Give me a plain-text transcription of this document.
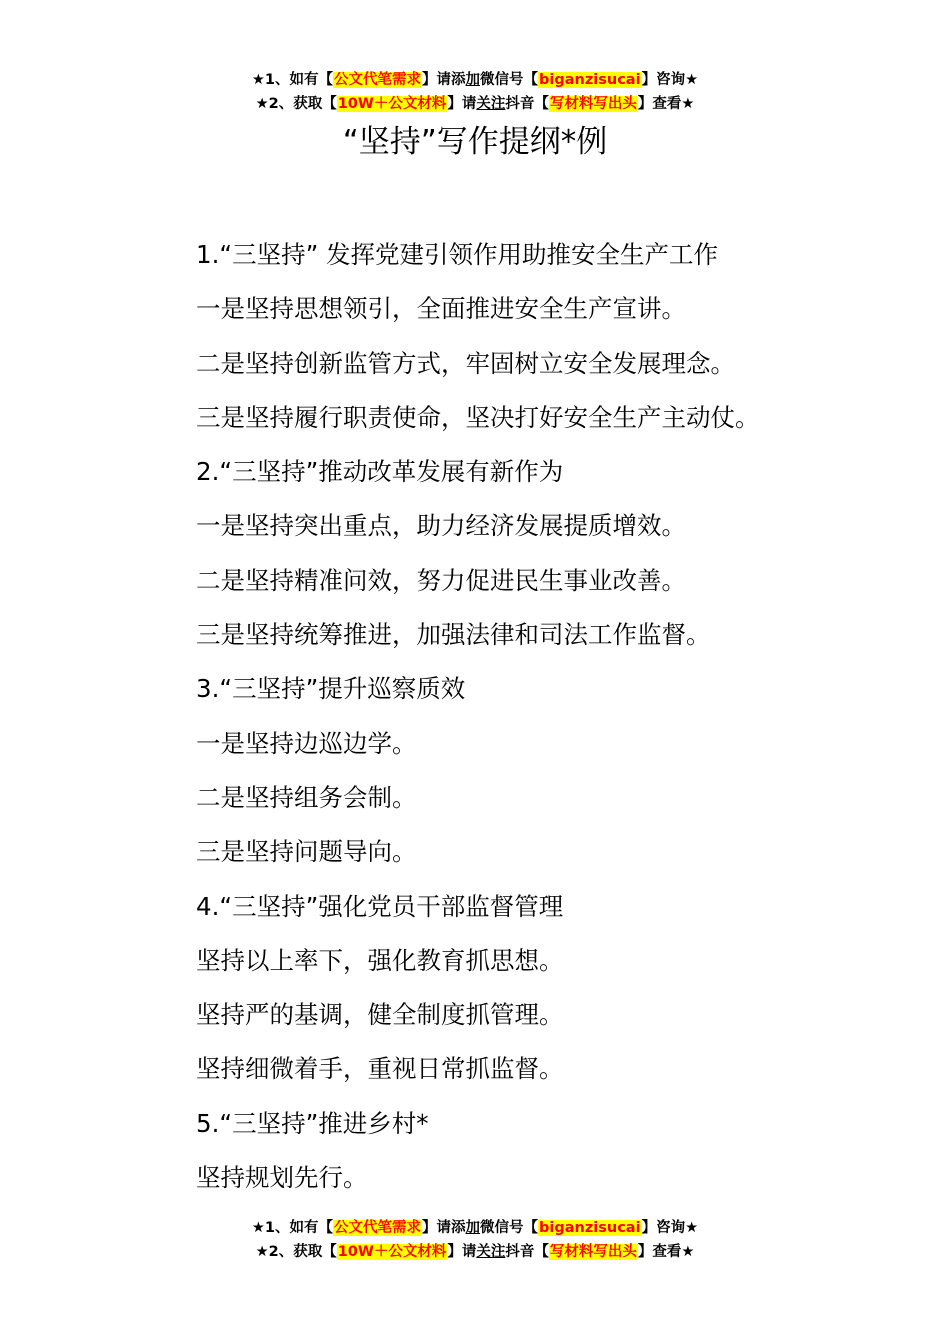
★1、如有【公文代笔需求】请添加微信号【biganzisucai】咨询★
★2、获取【10W＋公文材料】请关注抖音【写材料写出头】查看★
“坚持”写作提纲*例
1.“三坚持” 发挥党建引领作用助推安全生产工作
一是坚持思想领引，全面推进安全生产宣讲。
二是坚持创新监管方式，牢固树立安全发展理念。
三是坚持履行职责使命，坚决打好安全生产主动仗。
2.“三坚持”推动改革发展有新作为
一是坚持突出重点，助力经济发展提质增效。
二是坚持精准问效，努力促进民生事业改善。
三是坚持统筹推进，加强法律和司法工作监督。
3.“三坚持”提升巡察质效
一是坚持边巡边学。
二是坚持组务会制。
三是坚持问题导向。
4.“三坚持”强化党员干部监督管理
坚持以上率下，强化教育抓思想。
坚持严的基调，健全制度抓管理。
坚持细微着手，重视日常抓监督。
5.“三坚持”推进乡村*
坚持规划先行。
★1、如有【公文代笔需求】请添加微信号【biganzisucai】咨询★
★2、获取【10W＋公文材料】请关注抖音【写材料写出头】查看★
